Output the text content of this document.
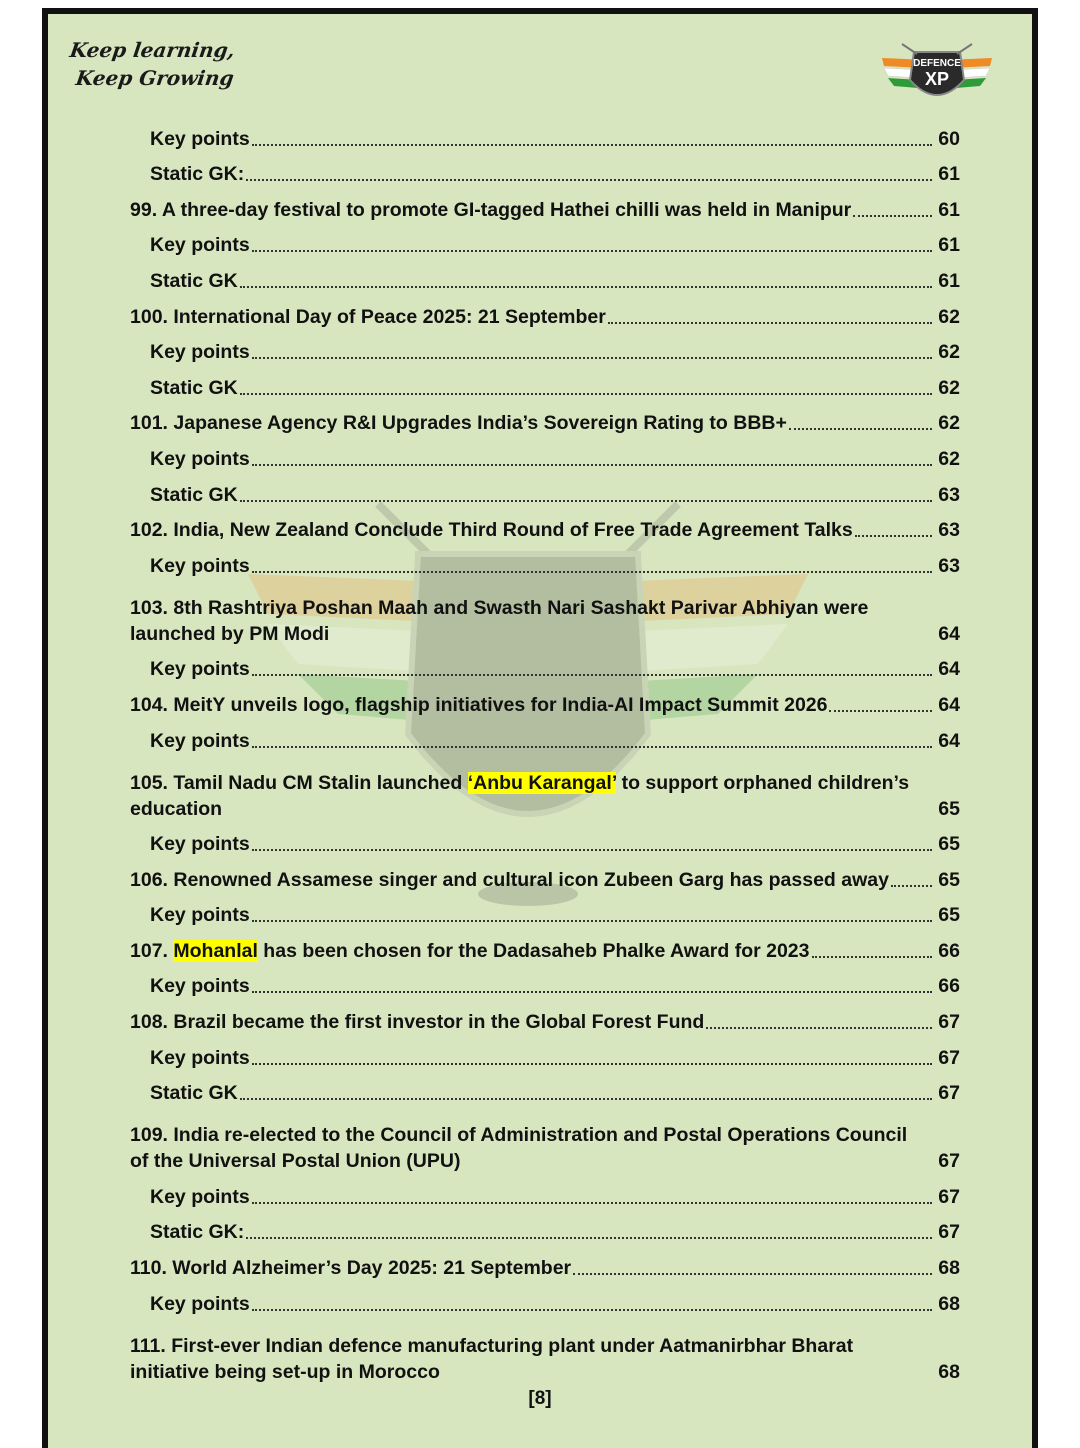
Keep learning,
Keep Growing
DEFENCE
XP
Key points	60
Static GK:	61
99. A three-day festival to promote GI-tagged Hathei chilli was held in Manipur	61
Key points	61
Static GK	61
100. International Day of Peace 2025: 21 September	62
Key points	62
Static GK	62
101. Japanese Agency R&I Upgrades India’s Sovereign Rating to BBB+	62
Key points	62
Static GK	63
102. India, New Zealand Conclude Third Round of Free Trade Agreement Talks	63
Key points	63
103. 8th Rashtriya Poshan Maah and Swasth Nari Sashakt Parivar Abhiyan were launched by PM Modi	64
Key points	64
104. MeitY unveils logo, flagship initiatives for India-AI Impact Summit 2026	64
Key points	64
105. Tamil Nadu CM Stalin launched ‘Anbu Karangal’ to support orphaned children’s education	65
Key points	65
106. Renowned Assamese singer and cultural icon Zubeen Garg has passed away	65
Key points	65
107. Mohanlal has been chosen for the Dadasaheb Phalke Award for 2023	66
Key points	66
108. Brazil became the first investor in the Global Forest Fund	67
Key points	67
Static GK	67
109. India re-elected to the Council of Administration and Postal Operations Council of the Universal Postal Union (UPU)	67
Key points	67
Static GK:	67
110. World Alzheimer’s Day 2025: 21 September	68
Key points	68
111. First-ever Indian defence manufacturing plant under Aatmanirbhar Bharat initiative being set-up in Morocco	68
[8]
